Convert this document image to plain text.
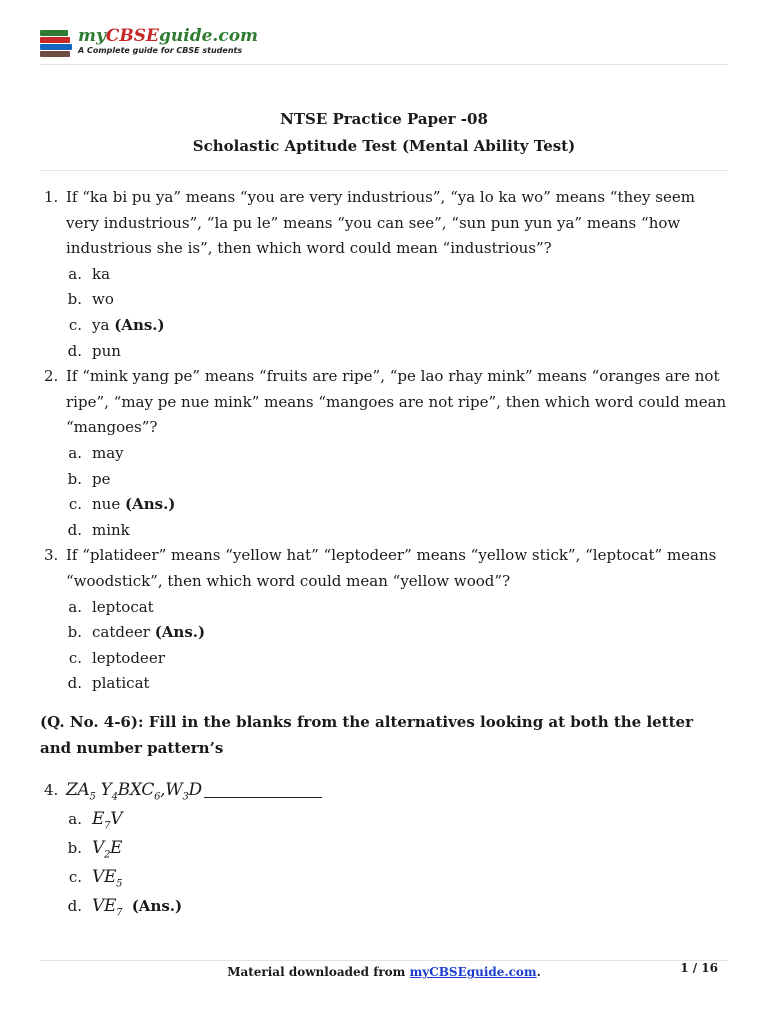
myCBSEguide.com
A Complete guide for CBSE students
NTSE Practice Paper -08
Scholastic Aptitude Test (Mental Ability Test)
1. If “ka bi pu ya” means “you are very industrious”, “ya lo ka wo” means “they seem very industrious”, “la pu le” means “you can see”, “sun pun yun ya” means “how industrious she is”, then which word could mean “industrious”?
a. ka
b. wo
c. ya (Ans.)
d. pun
2. If “mink yang pe” means “fruits are ripe”, “pe lao rhay mink” means “oranges are not ripe”, “may pe nue mink” means “mangoes are not ripe”, then which word could mean “mangoes”?
a. may
b. pe
c. nue (Ans.)
d. mink
3. If “platideer” means “yellow hat” “leptodeer” means “yellow stick”, “leptocat” means “woodstick”, then which word could mean “yellow wood”?
a. leptocat
b. catdeer (Ans.)
c. leptodeer
d. platicat
(Q. No. 4-6): Fill in the blanks from the alternatives looking at both the letter and number pattern’s
4. $ZA_5$ $Y_4BXC_6,W_3D$
a. $E_7V$
b. $V_2E$
c. $VE_5$
d. $VE_7$ (Ans.)
Material downloaded from myCBSEguide.com.	1 / 16
